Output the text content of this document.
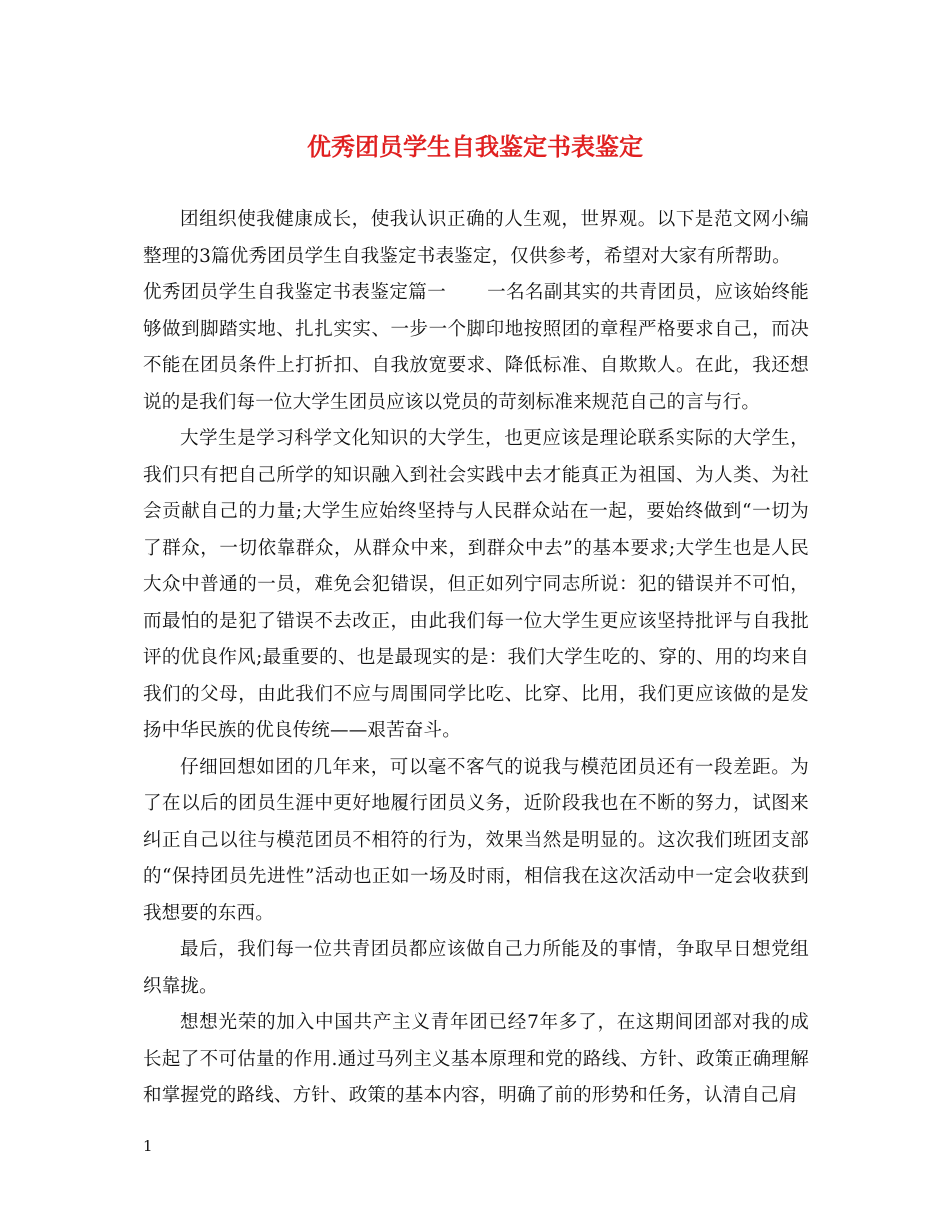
优秀团员学生自我鉴定书表鉴定

团组织使我健康成长，使我认识正确的人生观，世界观。以下是范文网小编整理的3篇优秀团员学生自我鉴定书表鉴定，仅供参考，希望对大家有所帮助。

优秀团员学生自我鉴定书表鉴定篇一 一名名副其实的共青团员，应该始终能够做到脚踏实地、扎扎实实、一步一个脚印地按照团的章程严格要求自己，而决不能在团员条件上打折扣、自我放宽要求、降低标准、自欺欺人。在此，我还想说的是我们每一位大学生团员应该以党员的苛刻标准来规范自己的言与行。

大学生是学习科学文化知识的大学生，也更应该是理论联系实际的大学生，我们只有把自己所学的知识融入到社会实践中去才能真正为祖国、为人类、为社会贡献自己的力量;大学生应始终坚持与人民群众站在一起，要始终做到“一切为了群众，一切依靠群众，从群众中来，到群众中去”的基本要求;大学生也是人民大众中普通的一员，难免会犯错误，但正如列宁同志所说：犯的错误并不可怕，而最怕的是犯了错误不去改正，由此我们每一位大学生更应该坚持批评与自我批评的优良作风;最重要的、也是最现实的是：我们大学生吃的、穿的、用的均来自我们的父母，由此我们不应与周围同学比吃、比穿、比用，我们更应该做的是发扬中华民族的优良传统——艰苦奋斗。

仔细回想如团的几年来，可以毫不客气的说我与模范团员还有一段差距。为了在以后的团员生涯中更好地履行团员义务，近阶段我也在不断的努力，试图来纠正自己以往与模范团员不相符的行为，效果当然是明显的。这次我们班团支部的“保持团员先进性”活动也正如一场及时雨，相信我在这次活动中一定会收获到我想要的东西。

最后，我们每一位共青团员都应该做自己力所能及的事情，争取早日想党组织靠拢。

想想光荣的加入中国共产主义青年团已经7年多了，在这期间团部对我的成长起了不可估量的作用.通过马列主义基本原理和党的路线、方针、政策正确理解和掌握党的路线、方针、政策的基本内容，明确了前的形势和任务，认清自己肩

1
